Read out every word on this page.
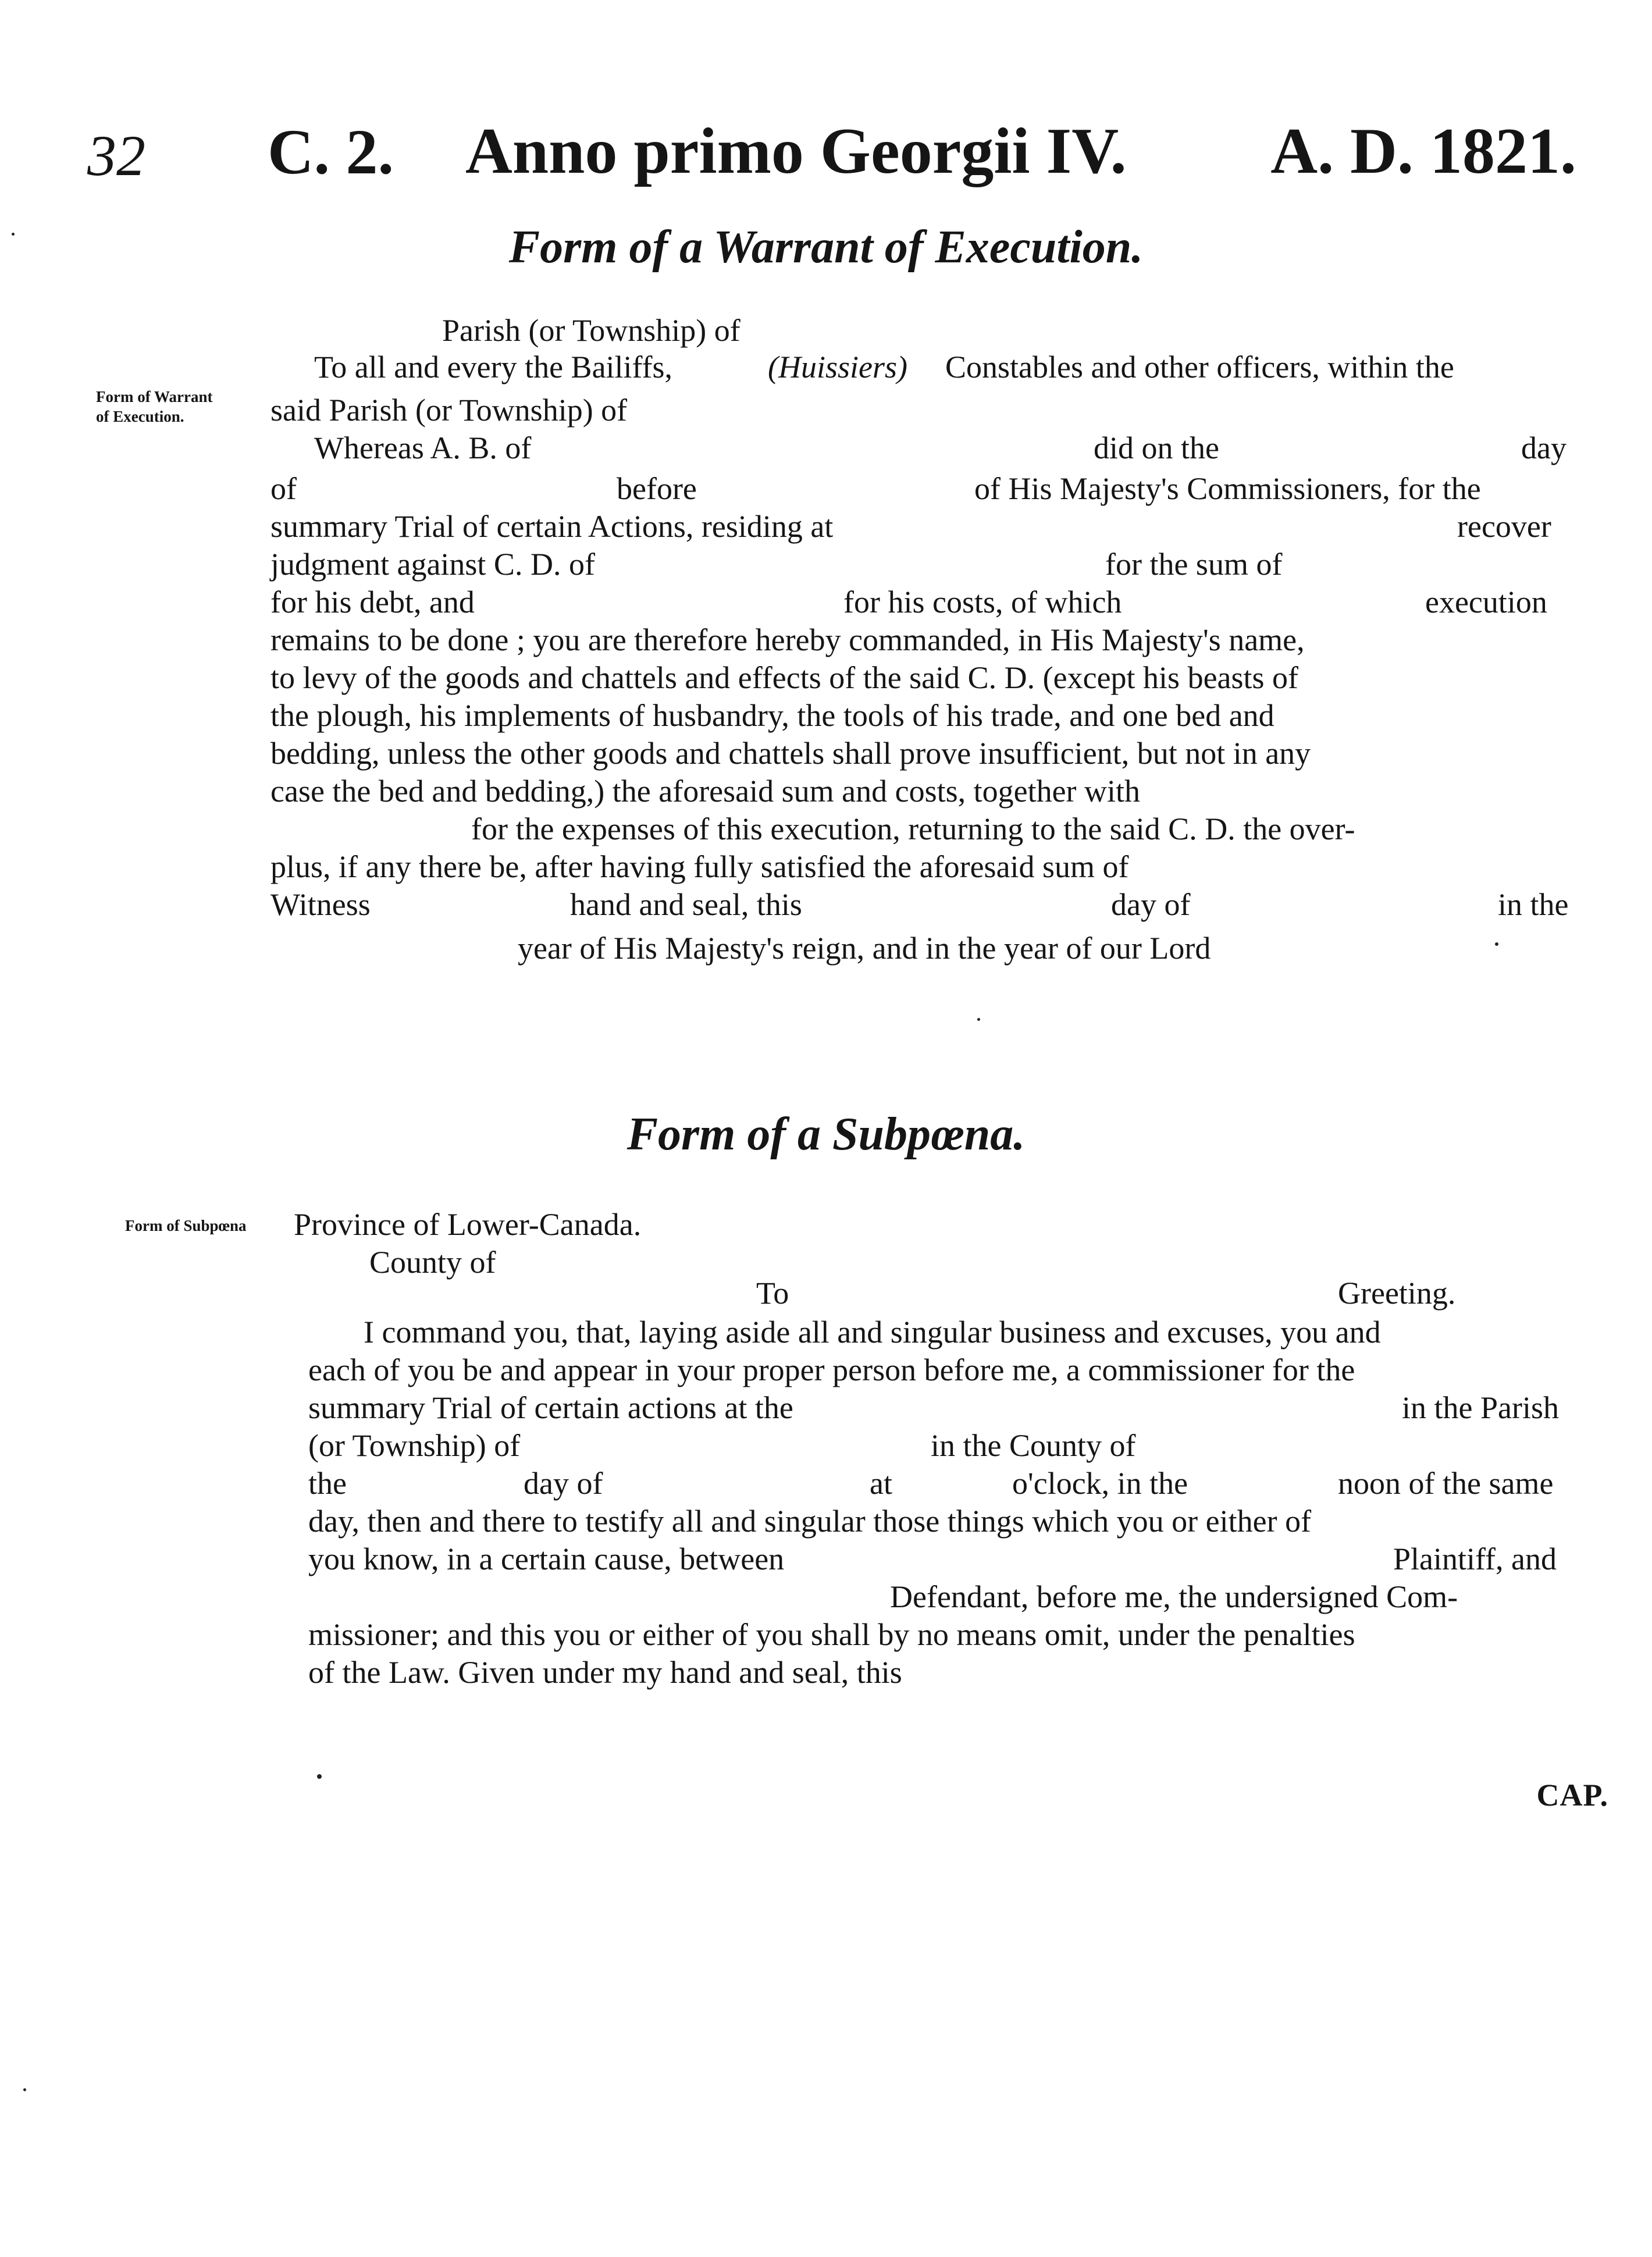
32 C. 2. Anno primo Georgii IV. A. D. 1821.
Form of a Warrant of Execution.
Form of Warrant
of Execution.
Parish (or Township) of
To all and every the Bailiffs,	(Huissiers) Constables and other officers, within the
said Parish (or Township) of
Whereas A. B. of	did on the	day
of	before	of His Majesty's Commissioners, for the
summary Trial of certain Actions, residing at	recover
judgment against C. D. of	for the sum of
for his debt, and	for his costs, of which	execution
remains to be done ; you are therefore hereby commanded, in His Majesty's name,
to levy of the goods and chattels and effects of the said C. D. (except his beasts of
the plough, his implements of husbandry, the tools of his trade, and one bed and
bedding, unless the other goods and chattels shall prove insufficient, but not in any
case the bed and bedding,) the aforesaid sum and costs, together with
for the expenses of this execution, returning to the said C. D. the over-
plus, if any there be, after having fully satisfied the aforesaid sum of
Witness	hand and seal, this	day of	in the
year of His Majesty's reign, and in the year of our Lord
Form of a Subpœna.
Form of Subpœna Province of Lower-Canada.
County of
To	Greeting.
I command you, that, laying aside all and singular business and excuses, you and
each of you be and appear in your proper person before me, a commissioner for the
summary Trial of certain actions at the	in the Parish
(or Township) of	in the County of
the	day of	at	o'clock, in the	noon of the same
day, then and there to testify all and singular those things which you or either of
you know, in a certain cause, between	Plaintiff, and
Defendant, before me, the undersigned Com-
missioner; and this you or either of you shall by no means omit, under the penalties
of the Law. Given under my hand and seal, this
CAP.
